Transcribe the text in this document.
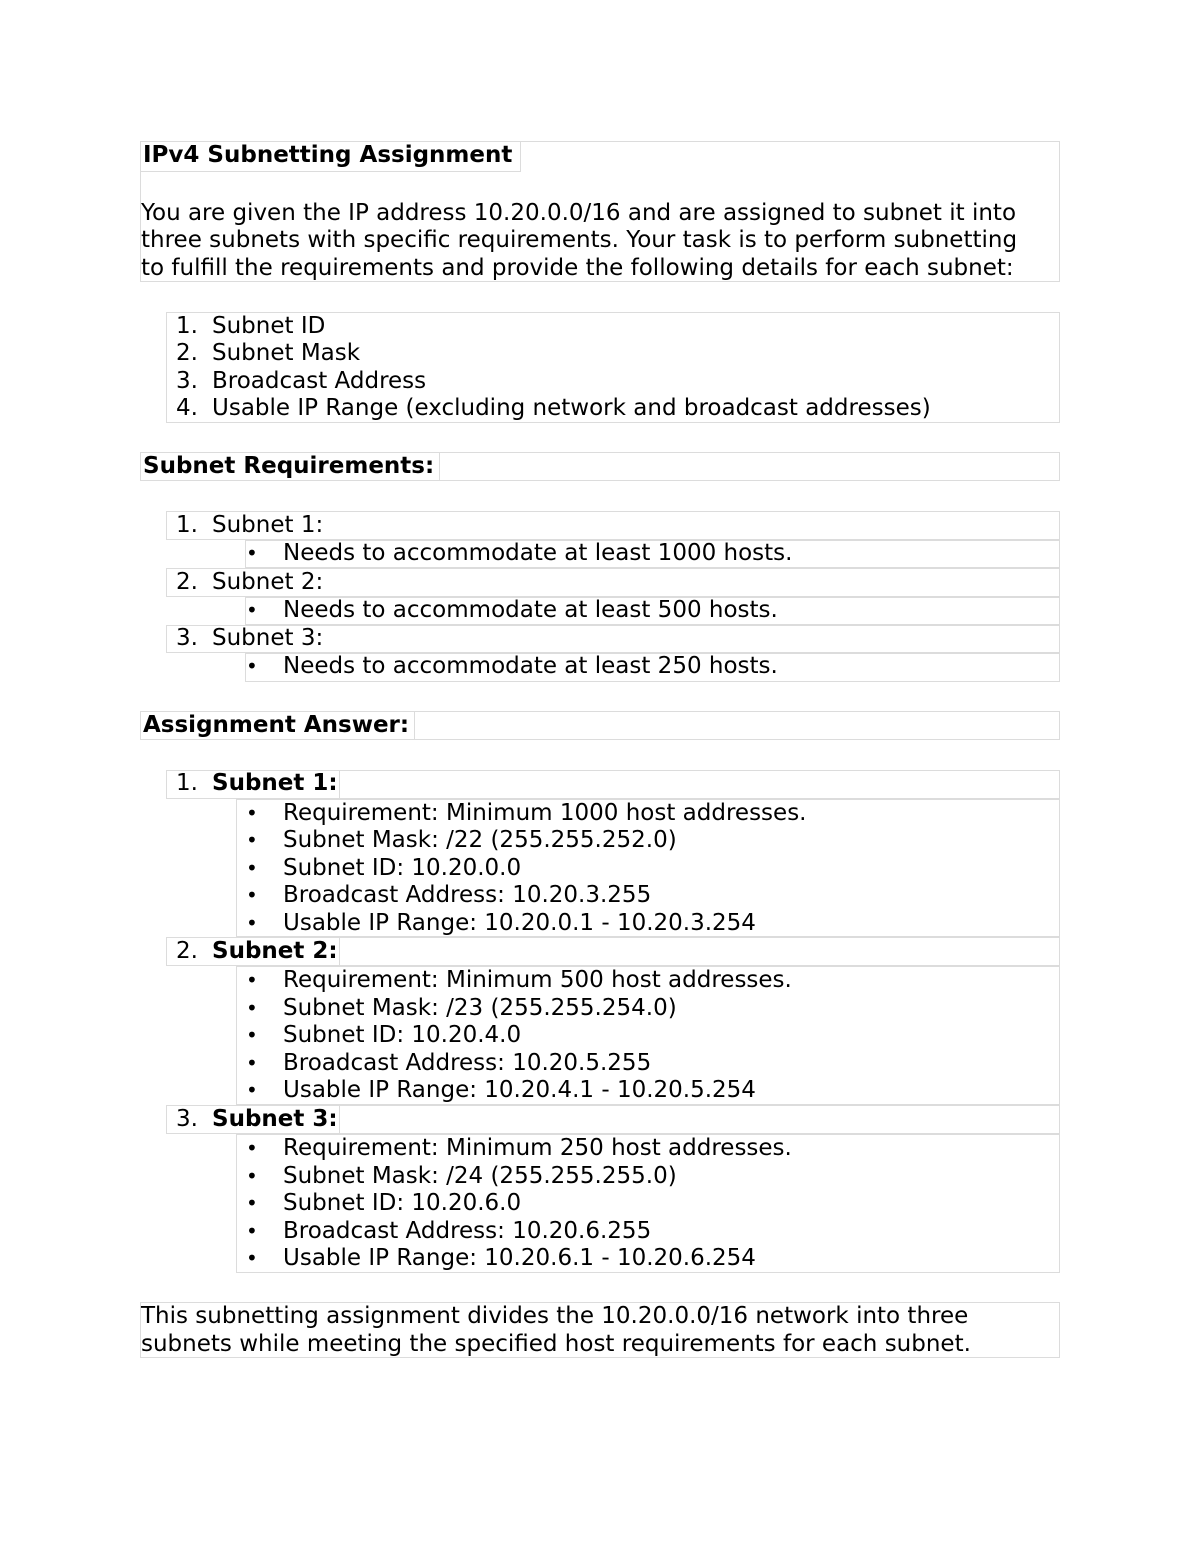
IPv4 Subnetting Assignment
You are given the IP address 10.20.0.0/16 and are assigned to subnet it into
three subnets with specific requirements. Your task is to perform subnetting
to fulfill the requirements and provide the following details for each subnet:
1. Subnet ID
2. Subnet Mask
3. Broadcast Address
4. Usable IP Range (excluding network and broadcast addresses)
Subnet Requirements:
1. Subnet 1:
• Needs to accommodate at least 1000 hosts.
2. Subnet 2:
• Needs to accommodate at least 500 hosts.
3. Subnet 3:
• Needs to accommodate at least 250 hosts.
Assignment Answer:
1. Subnet 1:
• Requirement: Minimum 1000 host addresses.
• Subnet Mask: /22 (255.255.252.0)
• Subnet ID: 10.20.0.0
• Broadcast Address: 10.20.3.255
• Usable IP Range: 10.20.0.1 - 10.20.3.254
2. Subnet 2:
• Requirement: Minimum 500 host addresses.
• Subnet Mask: /23 (255.255.254.0)
• Subnet ID: 10.20.4.0
• Broadcast Address: 10.20.5.255
• Usable IP Range: 10.20.4.1 - 10.20.5.254
3. Subnet 3:
• Requirement: Minimum 250 host addresses.
• Subnet Mask: /24 (255.255.255.0)
• Subnet ID: 10.20.6.0
• Broadcast Address: 10.20.6.255
• Usable IP Range: 10.20.6.1 - 10.20.6.254
This subnetting assignment divides the 10.20.0.0/16 network into three
subnets while meeting the specified host requirements for each subnet.
